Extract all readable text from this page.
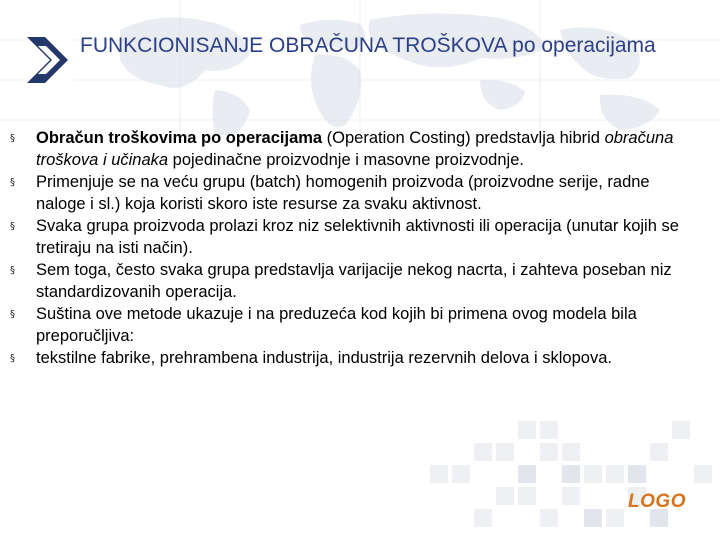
FUNKCIONISANJE OBRAČUNA TROŠKOVA po operacijama
§	Obračun troškovima po operacijama (Operation Costing) predstavlja hibrid obračuna troškova i učinaka pojedinačne proizvodnje i masovne proizvodnje.
§	Primenjuje se na veću grupu (batch) homogenih proizvoda (proizvodne serije, radne naloge i sl.) koja koristi skoro iste resurse za svaku aktivnost.
§	Svaka grupa proizvoda prolazi kroz niz selektivnih aktivnosti ili operacija (unutar kojih se tretiraju na isti način).
§	Sem toga, često svaka grupa predstavlja varijacije nekog nacrta, i zahteva poseban niz standardizovanih operacija.
§	Suština ove metode ukazuje i na preduzeća kod kojih bi primena ovog modela bila preporučljiva:
§	tekstilne fabrike, prehrambena industrija, industrija rezervnih delova i sklopova.
LOGO
